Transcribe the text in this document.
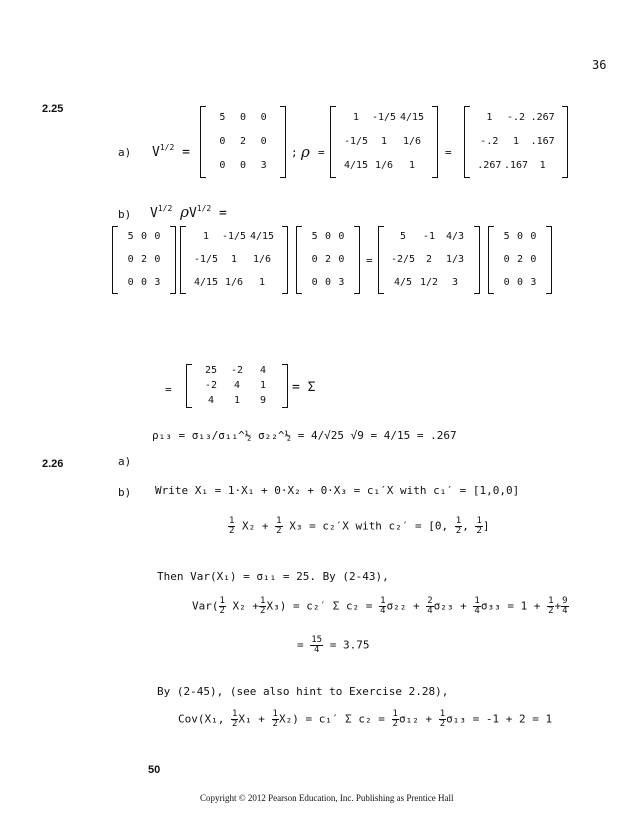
36
2.25
a) $V^{1/2}$ =
5	0	0
0	2	0
0	0	3
; ρ =
1	-1/5 4/15
-1/5	1	1/6
4/15 1/6	1
=
1	-.2 .267
-.2	1	.167
.267 .167	1
b) $V^{1/2}$ $\rho V^{1/2}$ =
5 0 0
0 2 0
0 0 3
1	-1/5 4/15
-1/5	1	1/6
4/15 1/6	1
5 0 0
0 2 0
0 0 3
=
5	-1	4/3
-2/5	2	1/3
4/5 1/2	3
5 0 0
0 2 0
0 0 3
=
25	-2	4
-2	4	1
4	1	9
= Σ
2.26	a)
ρ₁₃ = σ₁₃/σ₁₁^½ σ₂₂^½ = 4/√25 √9 = 4/15 = .267
b) Write X₁ = 1·X₁ + 0·X₂ + 0·X₃ = c₁′X with c₁′ = [1,0,0]
$\frac{1}{2} X_2 + \frac{1}{2} X_3 = c_2'X$ with c₂′ = [0, $\frac{1}{2}$ , $\frac{1}{2}$ ]
Then Var(X₁) = σ₁₁ = 25. By (2-43),
$Var( \frac{1}{2} X_2 + \frac{1}{2} X_3) = c_2'$ Σ $c_2 = \frac{1}{4} \sigma_{22} + \frac{2}{4} \sigma_{23} + \frac{1}{4} \sigma_{33} = 1 + \frac{1}{2} + \frac{9}{4}$
= $\frac{15}{4} = 3.75$
By (2-45), (see also hint to Exercise 2.28),
Cov(X₁, $\frac{1}{2} X_1 + \frac{1}{2} X_2) = c_1'$ Σ $c_2 = \frac{1}{2} \sigma_{12} + \frac{1}{2} \sigma_{13} = -1 + 2 = 1$
50
Copyright © 2012 Pearson Education, Inc. Publishing as Prentice Hall
